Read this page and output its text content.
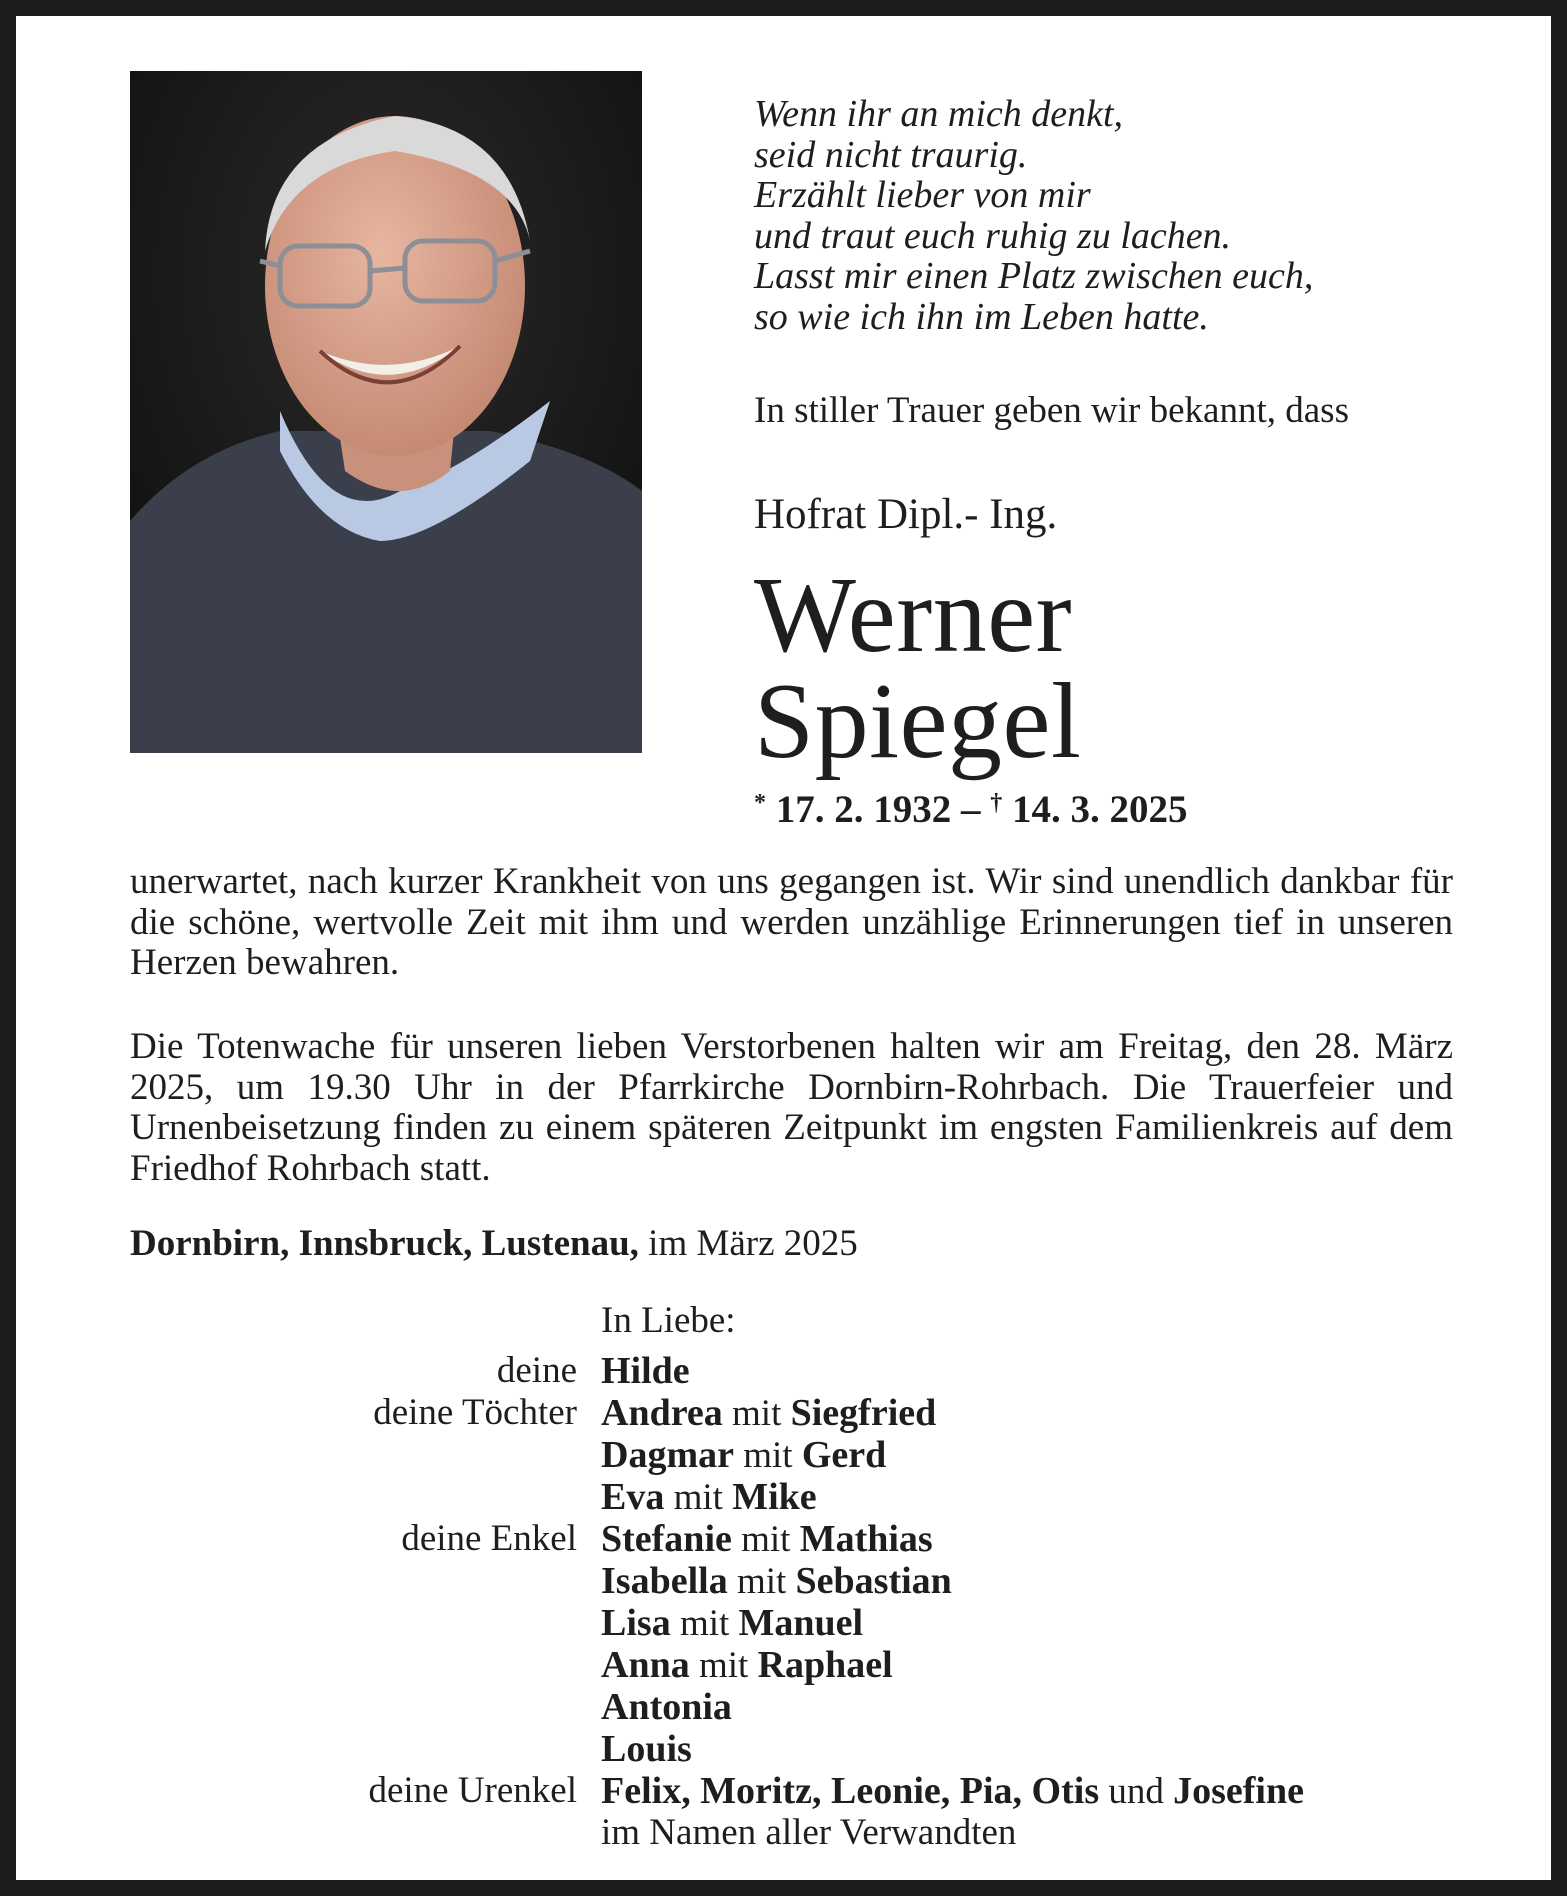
Wenn ihr an mich denkt,
seid nicht traurig.
Erzählt lieber von mir
und traut euch ruhig zu lachen.
Lasst mir einen Platz zwischen euch,
so wie ich ihn im Leben hatte.
In stiller Trauer geben wir bekannt, dass
Hofrat Dipl.- Ing.
Werner
Spiegel
* 17. 2. 1932 – † 14. 3. 2025
unerwartet, nach kurzer Krankheit von uns gegangen ist. Wir sind unendlich dankbar für die schöne, wertvolle Zeit mit ihm und werden unzählige Erinnerungen tief in unseren Herzen bewahren.
Die Totenwache für unseren lieben Verstorbenen halten wir am Freitag, den 28. März 2025, um 19.30 Uhr in der Pfarrkirche Dornbirn-Rohrbach. Die Trauerfeier und Urnenbeisetzung finden zu einem späteren Zeitpunkt im engsten Familienkreis auf dem Friedhof Rohrbach statt.
Dornbirn, Innsbruck, Lustenau, im März 2025
In Liebe:
deine Hilde
deine Töchter Andrea mit Siegfried
Dagmar mit Gerd
Eva mit Mike
deine Enkel Stefanie mit Mathias
Isabella mit Sebastian
Lisa mit Manuel
Anna mit Raphael
Antonia
Louis
deine Urenkel Felix, Moritz, Leonie, Pia, Otis und Josefine
im Namen aller Verwandten
